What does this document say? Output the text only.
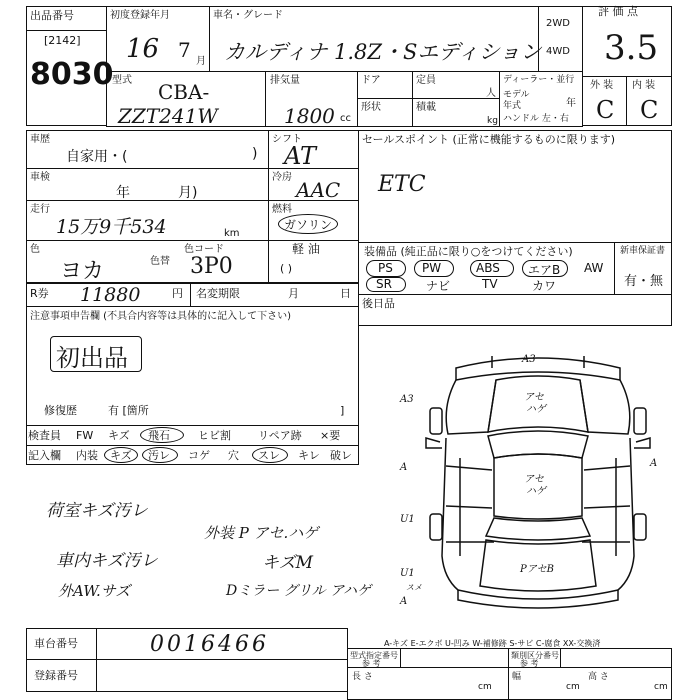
出品番号
[2142]
8030
初度登録年月
16 7 月
車名・グレード
カルディナ 1.8Z・Sエディション
2WD
4WD
評 価 点
3.5
外 装 内 装
C C
型式 CBA-
ZZT241W
排気量
1800 cc
ドア	定員
人
形状	積載
kg
ディーラー・並行
モデル 年式	年
ハンドル 左・右
車歴
自家用・(	)
シフト
AT
車検
年	月)
冷房
AAC
走行
15万9千534	km
燃料
ガソリン
軽 油
( )
色
ヨカ	色替
色コード
3P0
セールスポイント (正常に機能するものに限ります)
ETC
装備品 (純正品に限り○をつけてください)	新車保証書
有・無
PS PW	ABS エアB AW
SR	ナビ	TV	カワ
後日品
R券 11880	円 名変期限	月	日
注意事項申告欄 (不具合内容等は具体的に記入して下さい)
初出品
修復歴	有 [箇所	]
検査員 FW キズ 飛石	ヒビ割 リペア跡 ×要
記入欄 内装 キズ 汚レ コゲ 穴 スレ キレ 破レ
荷室キズ汚レ
外装 P アセ.ハゲ
車内キズ汚レ	キズM
外AW.サズ	Dミラー グリル アハゲ
A3
A3	アセ
ハゲ
A	A
U1
U1
アセ
ハゲ
PアセB
A
スメ
A-キズ E-エクボ U-凹み W-補修跡 S-サビ C-腐食 XX-交換済
車台番号	0016466
登録番号
型式指定番号
参 考
類別区分番号
参 考
長 さ
cm
幅
cm
高 さ
cm
